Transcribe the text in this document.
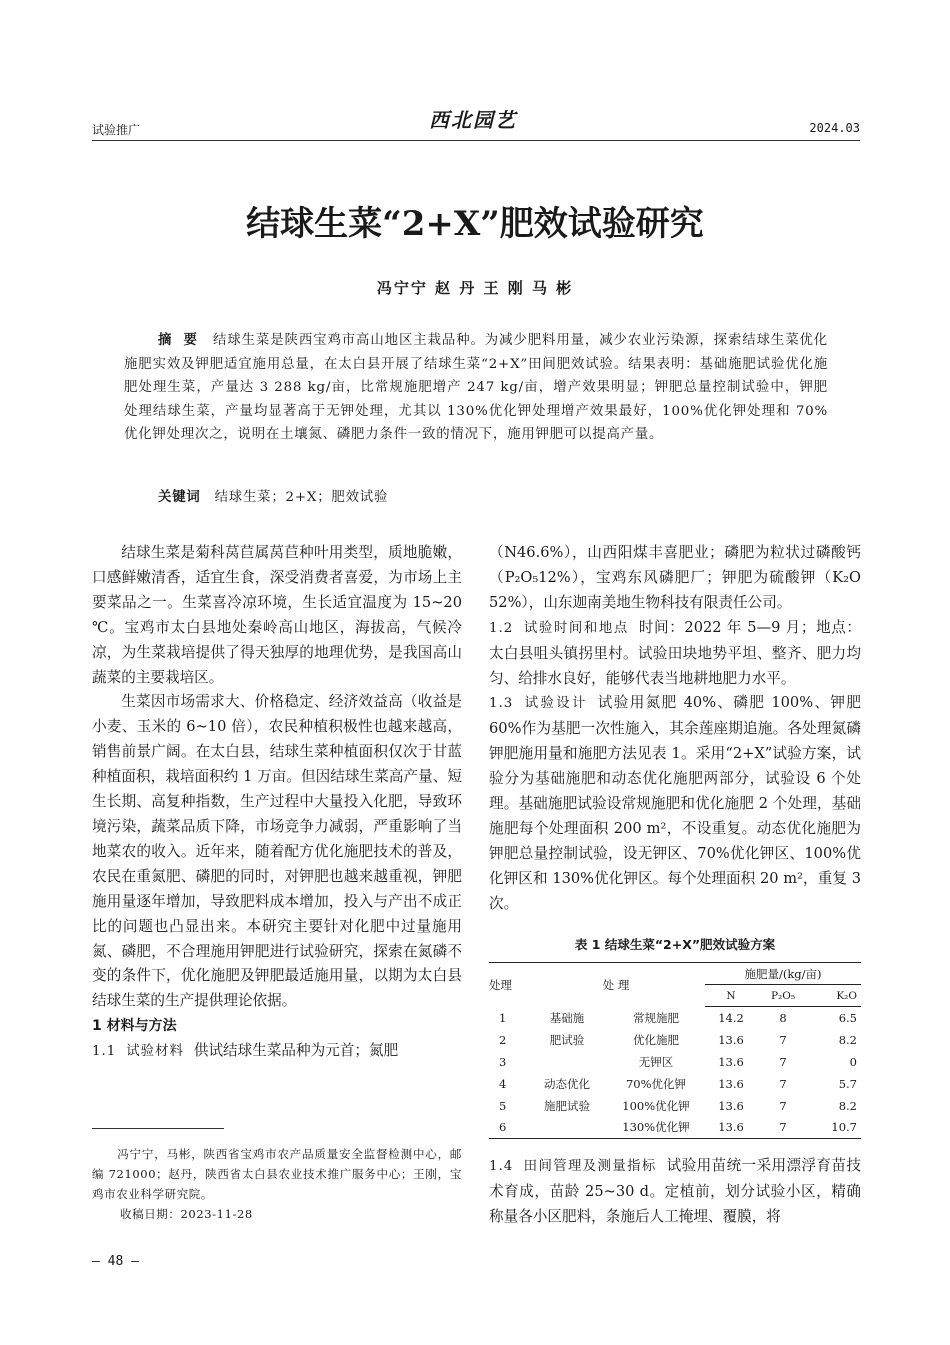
试验推广	西北园艺	2024.03
结球生菜“2+X”肥效试验研究
冯宁宁 赵 丹 王 刚 马 彬
摘要 结球生菜是陕西宝鸡市高山地区主栽品种。为减少肥料用量，减少农业污染源，探索结球生菜优化施肥实效及钾肥适宜施用总量，在太白县开展了结球生菜“2+X”田间肥效试验。结果表明：基础施肥试验优化施肥处理生菜，产量达 3 288 kg/亩，比常规施肥增产 247 kg/亩，增产效果明显；钾肥总量控制试验中，钾肥处理结球生菜，产量均显著高于无钾处理，尤其以 130%优化钾处理增产效果最好，100%优化钾处理和 70%优化钾处理次之，说明在土壤氮、磷肥力条件一致的情况下，施用钾肥可以提高产量。
关键词 结球生菜；2+X；肥效试验

结球生菜是菊科莴苣属莴苣种叶用类型，质地脆嫩，口感鲜嫩清香，适宜生食，深受消费者喜爱，为市场上主要菜品之一。生菜喜冷凉环境，生长适宜温度为 15~20 ℃。宝鸡市太白县地处秦岭高山地区，海拔高，气候冷凉，为生菜栽培提供了得天独厚的地理优势，是我国高山蔬菜的主要栽培区。

生菜因市场需求大、价格稳定、经济效益高（收益是小麦、玉米的 6~10 倍），农民种植积极性也越来越高，销售前景广阔。在太白县，结球生菜种植面积仅次于甘蓝种植面积，栽培面积约 1 万亩。但因结球生菜高产量、短生长期、高复种指数，生产过程中大量投入化肥，导致环境污染，蔬菜品质下降，市场竞争力减弱，严重影响了当地菜农的收入。近年来，随着配方优化施肥技术的普及，农民在重氮肥、磷肥的同时，对钾肥也越来越重视，钾肥施用量逐年增加，导致肥料成本增加，投入与产出不成正比的问题也凸显出来。本研究主要针对化肥中过量施用氮、磷肥，不合理施用钾肥进行试验研究，探索在氮磷不变的条件下，优化施肥及钾肥最适施用量，以期为太白县结球生菜的生产提供理论依据。

1 材料与方法

1.1 试验材料 供试结球生菜品种为元首；氮肥

冯宁宁，马彬，陕西省宝鸡市农产品质量安全监督检测中心，邮编 721000；赵丹，陕西省太白县农业技术推广服务中心；王刚，宝鸡市农业科学研究院。
收稿日期：2023-11-28
— 48 —

（N46.6%），山西阳煤丰喜肥业；磷肥为粒状过磷酸钙（P₂O₅12%），宝鸡东风磷肥厂；钾肥为硫酸钾（K₂O 52%），山东迦南美地生物科技有限责任公司。

1.2 试验时间和地点 时间：2022 年 5—9 月；地点：太白县咀头镇拐里村。试验田块地势平坦、整齐、肥力均匀、给排水良好，能够代表当地耕地肥力水平。

1.3 试验设计 试验用氮肥 40%、磷肥 100%、钾肥 60%作为基肥一次性施入，其余莲座期追施。各处理氮磷钾肥施用量和施肥方法见表 1。采用“2+X”试验方案，试验分为基础施肥和动态优化施肥两部分，试验设 6 个处理。基础施肥试验设常规施肥和优化施肥 2 个处理，基础施肥每个处理面积 200 m²，不设重复。动态优化施肥为钾肥总量控制试验，设无钾区、70%优化钾区、100%优化钾区和 130%优化钾区。每个处理面积 20 m²，重复 3 次。

表 1 结球生菜“2+X”肥效试验方案
处理	处 理		施肥量/(kg/亩)		
			N	P₂O₅	K₂O
1	基础施	常规施肥	14.2	8	6.5
2	肥试验	优化施肥	13.6	7	8.2
3		无钾区	13.6	7	0
4	动态优化	70%优化钾	13.6	7	5.7
5	施肥试验	100%优化钾	13.6	7	8.2
6		130%优化钾	13.6	7	10.7
1.4 田间管理及测量指标 试验用苗统一采用漂浮育苗技术育成，苗龄 25~30 d。定植前，划分试验小区，精确称量各小区肥料，条施后人工掩埋、覆膜，将
